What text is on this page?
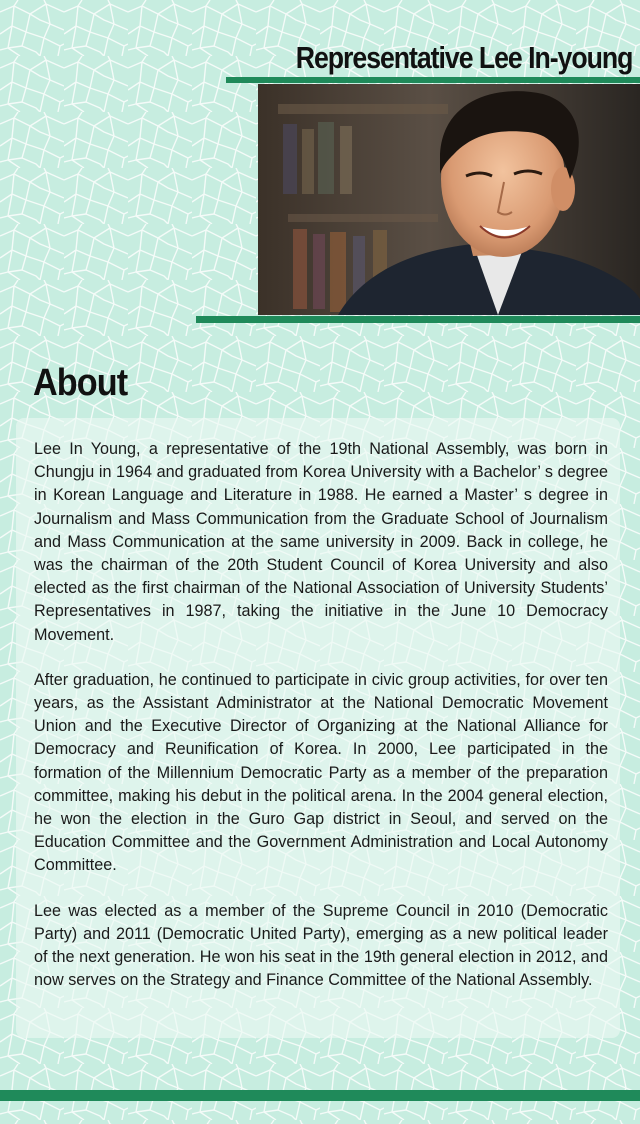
Representative Lee In-young
About

Lee In Young, a representative of the 19th National Assembly, was born in Chungju in 1964 and graduated from Korea University with a Bachelor’ s degree in Korean Language and Literature in 1988. He earned a Master’ s degree in Journalism and Mass Communication from the Graduate School of Journalism and Mass Communication at the same university in 2009. Back in college, he was the chairman of the 20th Student Council of Korea University and also elected as the first chairman of the National Association of University Students’ Representatives in 1987, taking the initiative in the June 10 Democracy Movement.

After graduation, he continued to participate in civic group activities, for over ten years, as the Assistant Administrator at the National Democratic Movement Union and the Executive Director of Organizing at the National Alliance for Democracy and Reunification of Korea. In 2000, Lee participated in the formation of the Millennium Democratic Party as a member of the preparation committee, making his debut in the political arena. In the 2004 general election, he won the election in the Guro Gap district in Seoul, and served on the Education Committee and the Government Administration and Local Autonomy Committee.

Lee was elected as a member of the Supreme Council in 2010 (Democratic Party) and 2011 (Democratic United Party), emerging as a new political leader of the next generation. He won his seat in the 19th general election in 2012, and now serves on the Strategy and Finance Committee of the National Assembly.
